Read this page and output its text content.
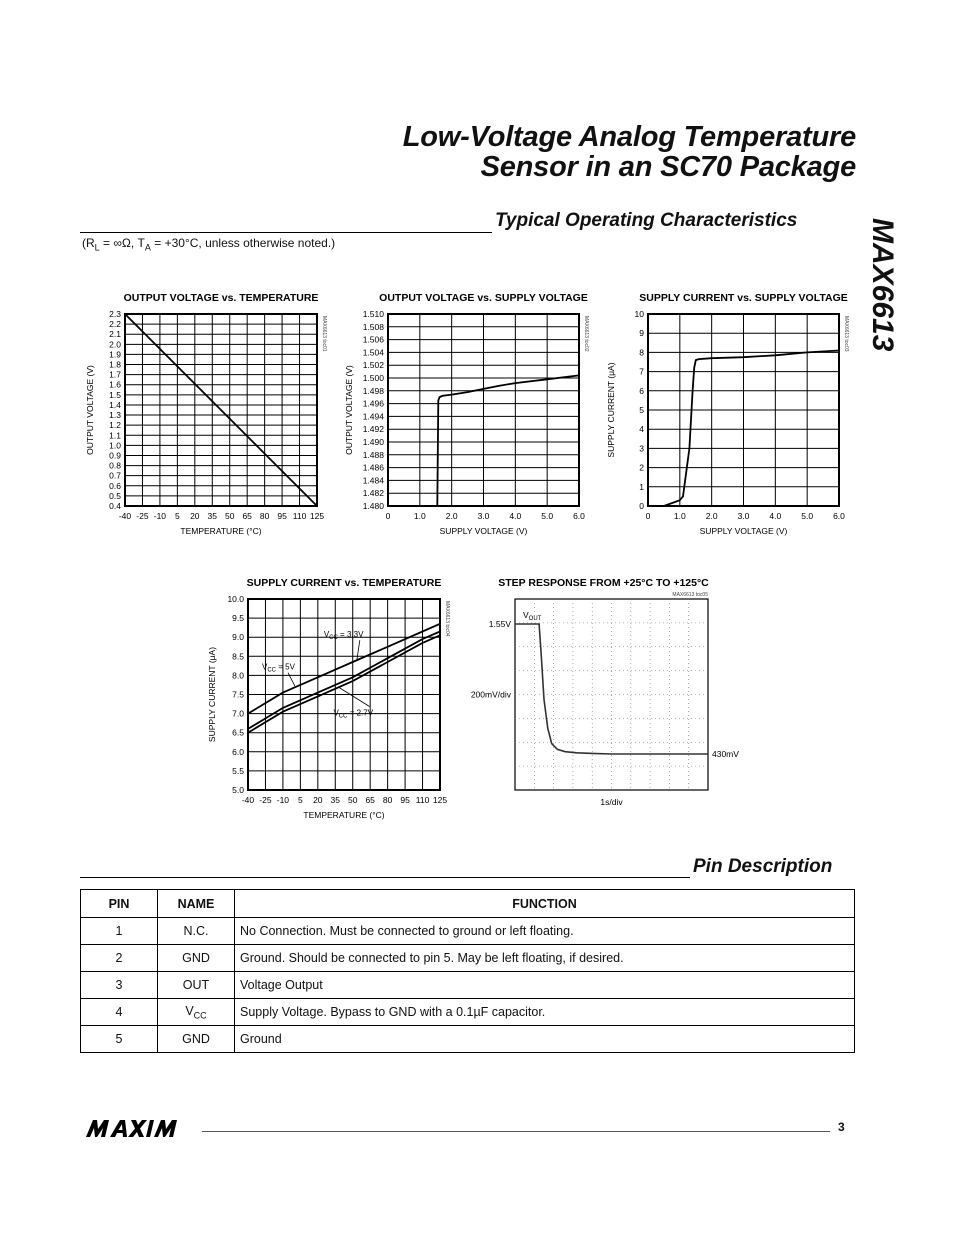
Low-Voltage Analog Temperature
Sensor in an SC70 Package
MAX6613
Typical Operating Characteristics
($R_L = \infty\Omega$, $T_A = +30^\circ C$, unless otherwise noted.)
OUTPUT VOLTAGE vs. TEMPERATURE
-40 -25 -10 5 20 35 50 65 80 95 110 125
0.4
0.5
0.6
0.7
0.8
0.9
1.0
1.1
1.2
1.3
1.4
1.5
1.6
1.7
1.8
1.9
2.0
2.1
2.2
2.3
TEMPERATURE (°C)
OUTPUT VOLTAGE (V)
MAX6613 toc01
OUTPUT VOLTAGE vs. SUPPLY VOLTAGE
0	1.0 2.0 3.0 4.0 5.0 6.0
1.480
1.482
1.484
1.486
1.488
1.490
1.492
1.494
1.496
1.498
1.500
1.502
1.504
1.506
1.508
1.510
SUPPLY VOLTAGE (V)
OUTPUT VOLTAGE (V)
MAX6613 toc02
SUPPLY CURRENT vs. SUPPLY VOLTAGE
0	1.0 2.0 3.0 4.0 5.0 6.0
0
1
2
3
4
5
6
7
8
9
10
SUPPLY VOLTAGE (V)
SUPPLY CURRENT (μA)
MAX6613 toc03
SUPPLY CURRENT vs. TEMPERATURE
-40 -25 -10 5 20 35 50 65 80 95 110 125
5.0
5.5
6.0
6.5
7.0
7.5
8.0
8.5
9.0
9.5
10.0
TEMPERATURE (°C)
SUPPLY CURRENT (μA)
MAX6613 toc04
$V_{CC} = 3.3V$
$V_{CC} = 5V$
$V_{CC} = 2.7V$
STEP RESPONSE FROM +25°C TO +125°C
MAX6613 toc05
1.55V
200mV/div
430mV
1s/div
$V_{OUT}$
Pin Description
PIN	NAME	FUNCTION
1	N.C.	No Connection. Must be connected to ground or left floating.
2	GND	Ground. Should be connected to pin 5. May be left floating, if desired.
3	OUT	Voltage Output
4	$V_{CC}$	Supply Voltage. Bypass to GND with a 0.1µF capacitor.
5	GND	Ground
3
